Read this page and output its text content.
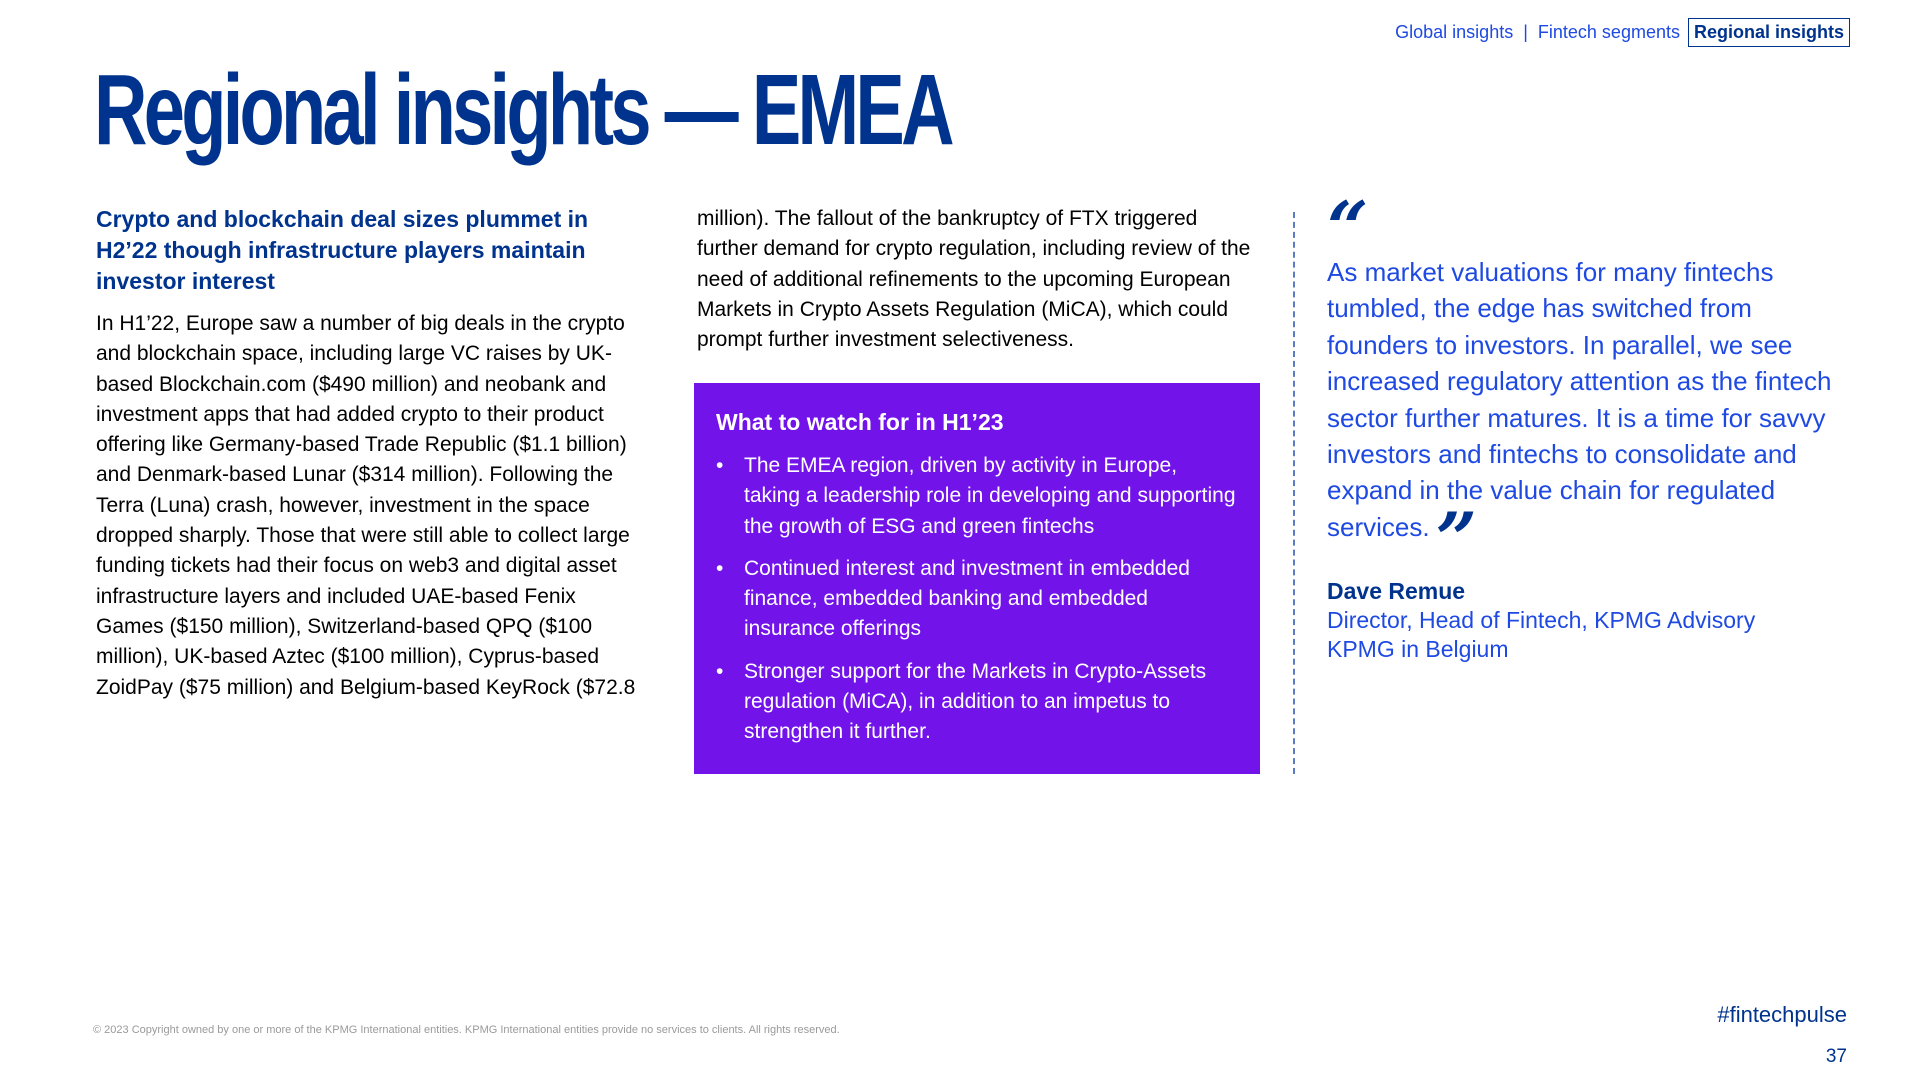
Global insights | Fintech segments Regional insights
Regional insights — EMEA
Crypto and blockchain deal sizes plummet in H2’22 though infrastructure players maintain investor interest

In H1’22, Europe saw a number of big deals in the crypto and blockchain space, including large VC raises by UK-based Blockchain.com ($490 million) and neobank and investment apps that had added crypto to their product offering like Germany-based Trade Republic ($1.1 billion) and Denmark-based Lunar ($314 million). Following the Terra (Luna) crash, however, investment in the space dropped sharply. Those that were still able to collect large funding tickets had their focus on web3 and digital asset infrastructure layers and included UAE-based Fenix Games ($150 million), Switzerland-based QPQ ($100 million), UK-based Aztec ($100 million), Cyprus-based ZoidPay ($75 million) and Belgium-based KeyRock ($72.8

million). The fallout of the bankruptcy of FTX triggered further demand for crypto regulation, including review of the need of additional refinements to the upcoming European Markets in Crypto Assets Regulation (MiCA), which could prompt further investment selectiveness.

What to watch for in H1’23
• The EMEA region, driven by activity in Europe, taking a leadership role in developing and supporting the growth of ESG and green fintechs
• Continued interest and investment in embedded finance, embedded banking and embedded insurance offerings
• Stronger support for the Markets in Crypto-Assets regulation (MiCA), in addition to an impetus to strengthen it further.
“
As market valuations for many fintechs tumbled, the edge has switched from founders to investors. In parallel, we see increased regulatory attention as the fintech sector further matures. It is a time for savvy investors and fintechs to consolidate and expand in the value chain for regulated services.”
Dave Remue
Director, Head of Fintech, KPMG Advisory
KPMG in Belgium
© 2023 Copyright owned by one or more of the KPMG International entities. KPMG International entities provide no services to clients. All rights reserved.
#fintechpulse
37
